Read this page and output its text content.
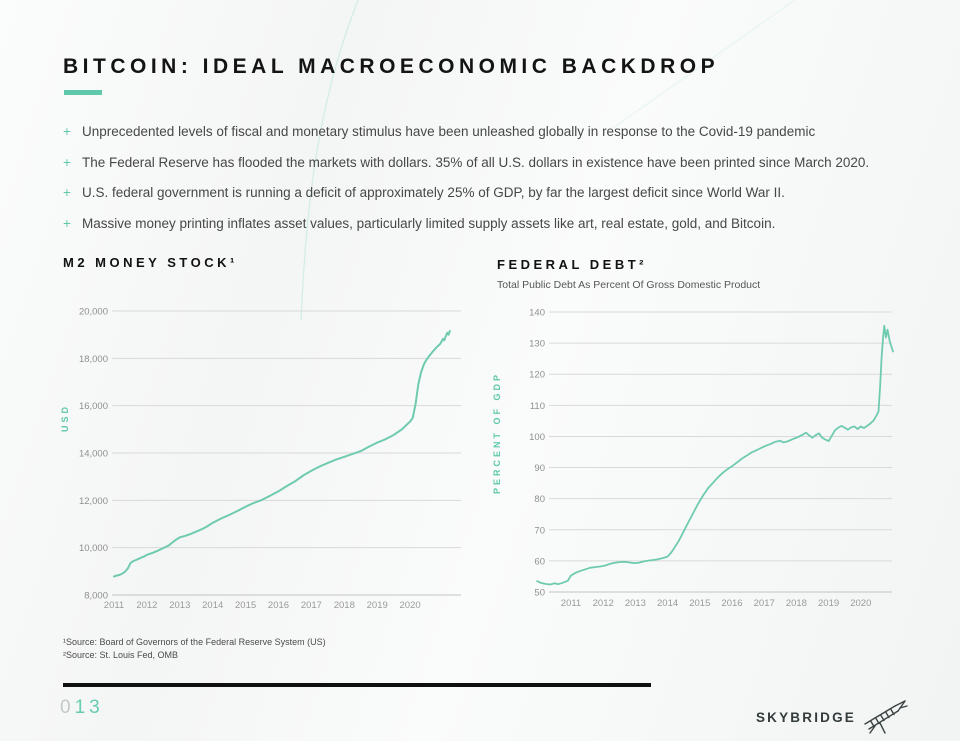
BITCOIN: IDEAL MACROECONOMIC BACKDROP
+ Unprecedented levels of fiscal and monetary stimulus have been unleashed globally in response to the Covid-19 pandemic
+ The Federal Reserve has flooded the markets with dollars. 35% of all U.S. dollars in existence have been printed since March 2020.
+ U.S. federal government is running a deficit of approximately 25% of GDP, by far the largest deficit since World War II.
+ Massive money printing inflates asset values, particularly limited supply assets like art, real estate, gold, and Bitcoin.
M2 MONEY STOCK¹	FEDERAL DEBT²
Total Public Debt As Percent Of Gross Domestic Product
USD	PERCENT OF GDP
8,000
10,000
12,000
14,000
16,000
18,000
20,000
2011 2012 2013 2014 2015 2016 2017 2018 2019 2020
50
60
70
80
90
100
110
120
130
140
2011 2012 2013 2014 2015 2016 2017 2018 2019 2020
¹Source: Board of Governors of the Federal Reserve System (US)
²Source: St. Louis Fed, OMB
013	SKYBRIDGE
